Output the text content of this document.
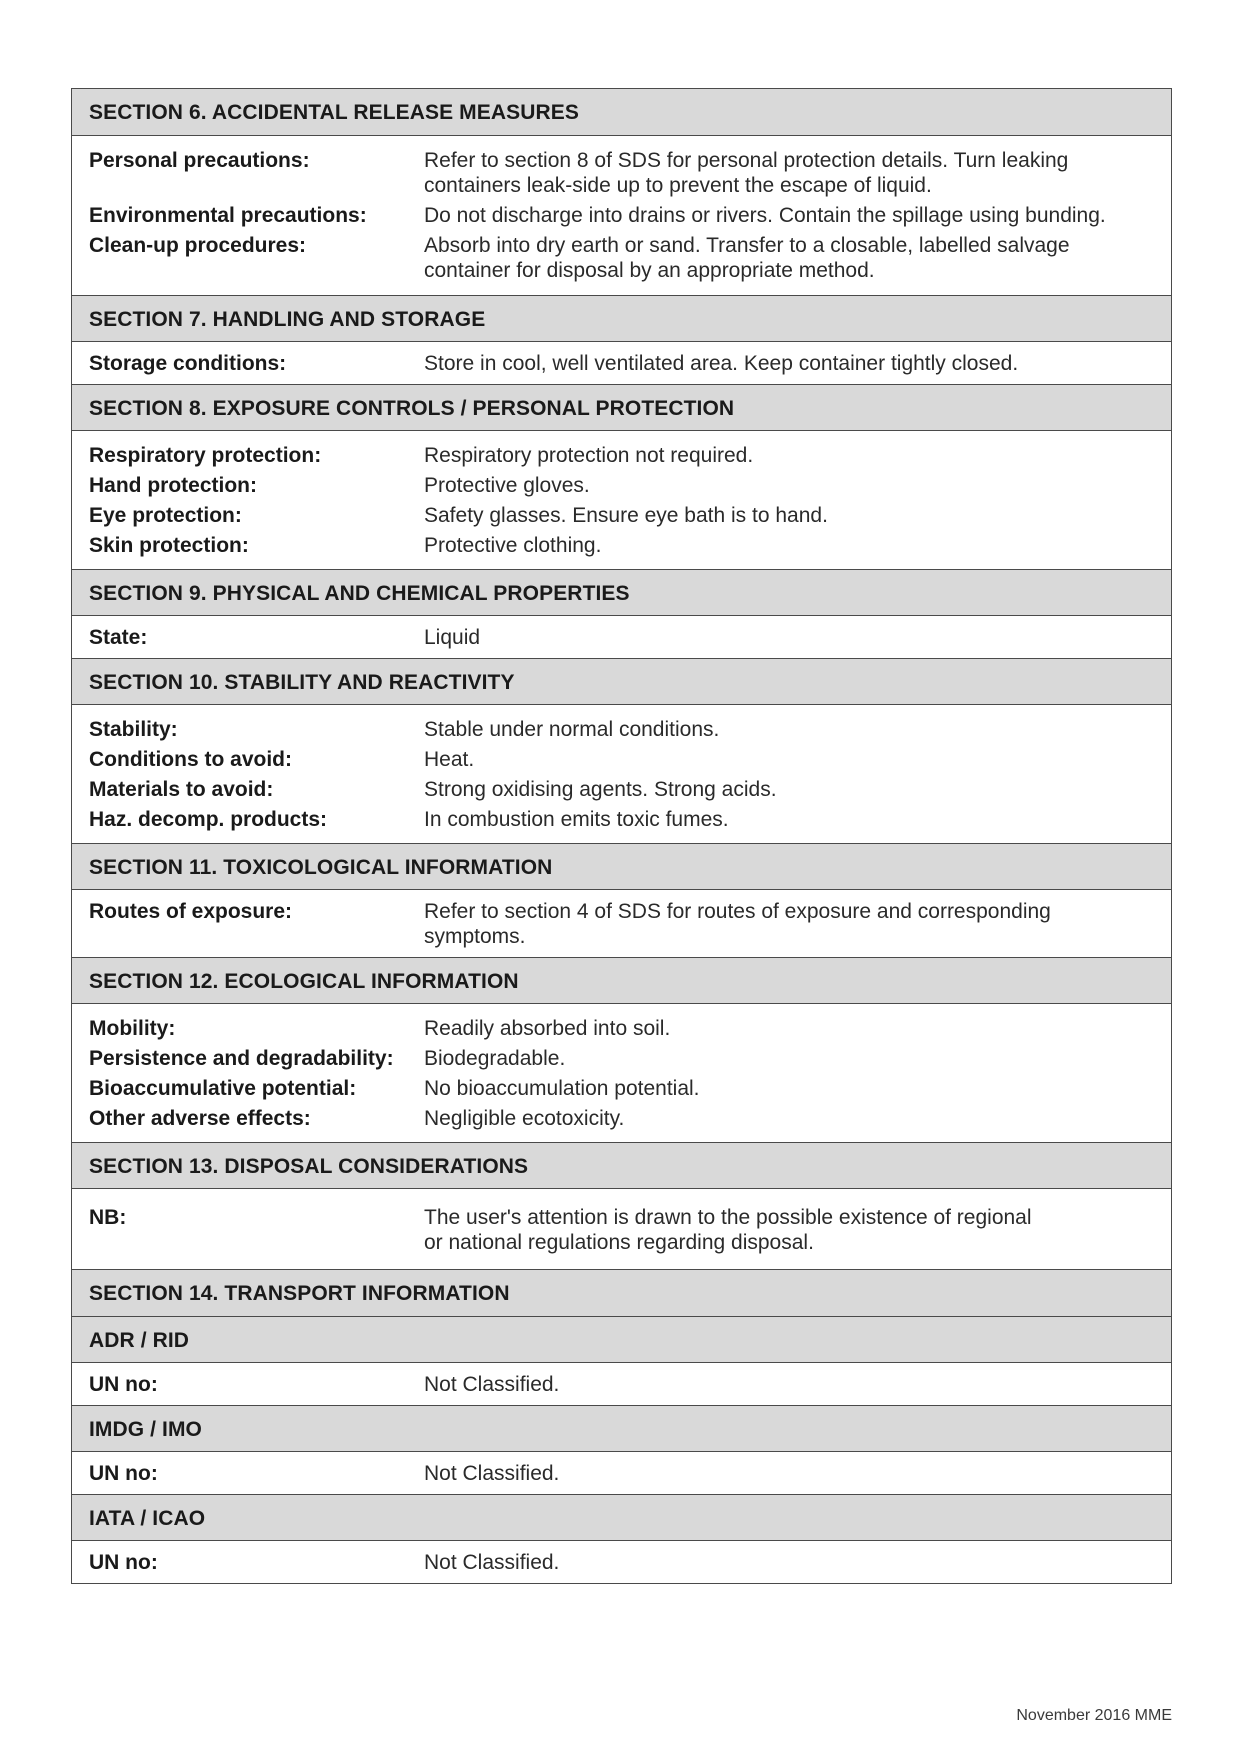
SECTION 6. ACCIDENTAL RELEASE MEASURES
Personal precautions:	Refer to section 8 of SDS for personal protection details. Turn leaking
containers leak-side up to prevent the escape of liquid.
Environmental precautions:	Do not discharge into drains or rivers. Contain the spillage using bunding.
Clean-up procedures:	Absorb into dry earth or sand. Transfer to a closable, labelled salvage
container for disposal by an appropriate method.
SECTION 7. HANDLING AND STORAGE
Storage conditions:	Store in cool, well ventilated area. Keep container tightly closed.
SECTION 8. EXPOSURE CONTROLS / PERSONAL PROTECTION
Respiratory protection:	Respiratory protection not required.
Hand protection:	Protective gloves.
Eye protection:	Safety glasses. Ensure eye bath is to hand.
Skin protection:	Protective clothing.
SECTION 9. PHYSICAL AND CHEMICAL PROPERTIES
State:	Liquid
SECTION 10. STABILITY AND REACTIVITY
Stability:	Stable under normal conditions.
Conditions to avoid:	Heat.
Materials to avoid:	Strong oxidising agents. Strong acids.
Haz. decomp. products:	In combustion emits toxic fumes.
SECTION 11. TOXICOLOGICAL INFORMATION
Routes of exposure:	Refer to section 4 of SDS for routes of exposure and corresponding symptoms.
SECTION 12. ECOLOGICAL INFORMATION
Mobility:	Readily absorbed into soil.
Persistence and degradability:	Biodegradable.
Bioaccumulative potential:	No bioaccumulation potential.
Other adverse effects:	Negligible ecotoxicity.
SECTION 13. DISPOSAL CONSIDERATIONS
NB:	The user's attention is drawn to the possible existence of regional
or national regulations regarding disposal.
SECTION 14. TRANSPORT INFORMATION
ADR / RID
UN no:	Not Classified.
IMDG / IMO
UN no:	Not Classified.
IATA / ICAO
UN no:	Not Classified.
November 2016 MME
